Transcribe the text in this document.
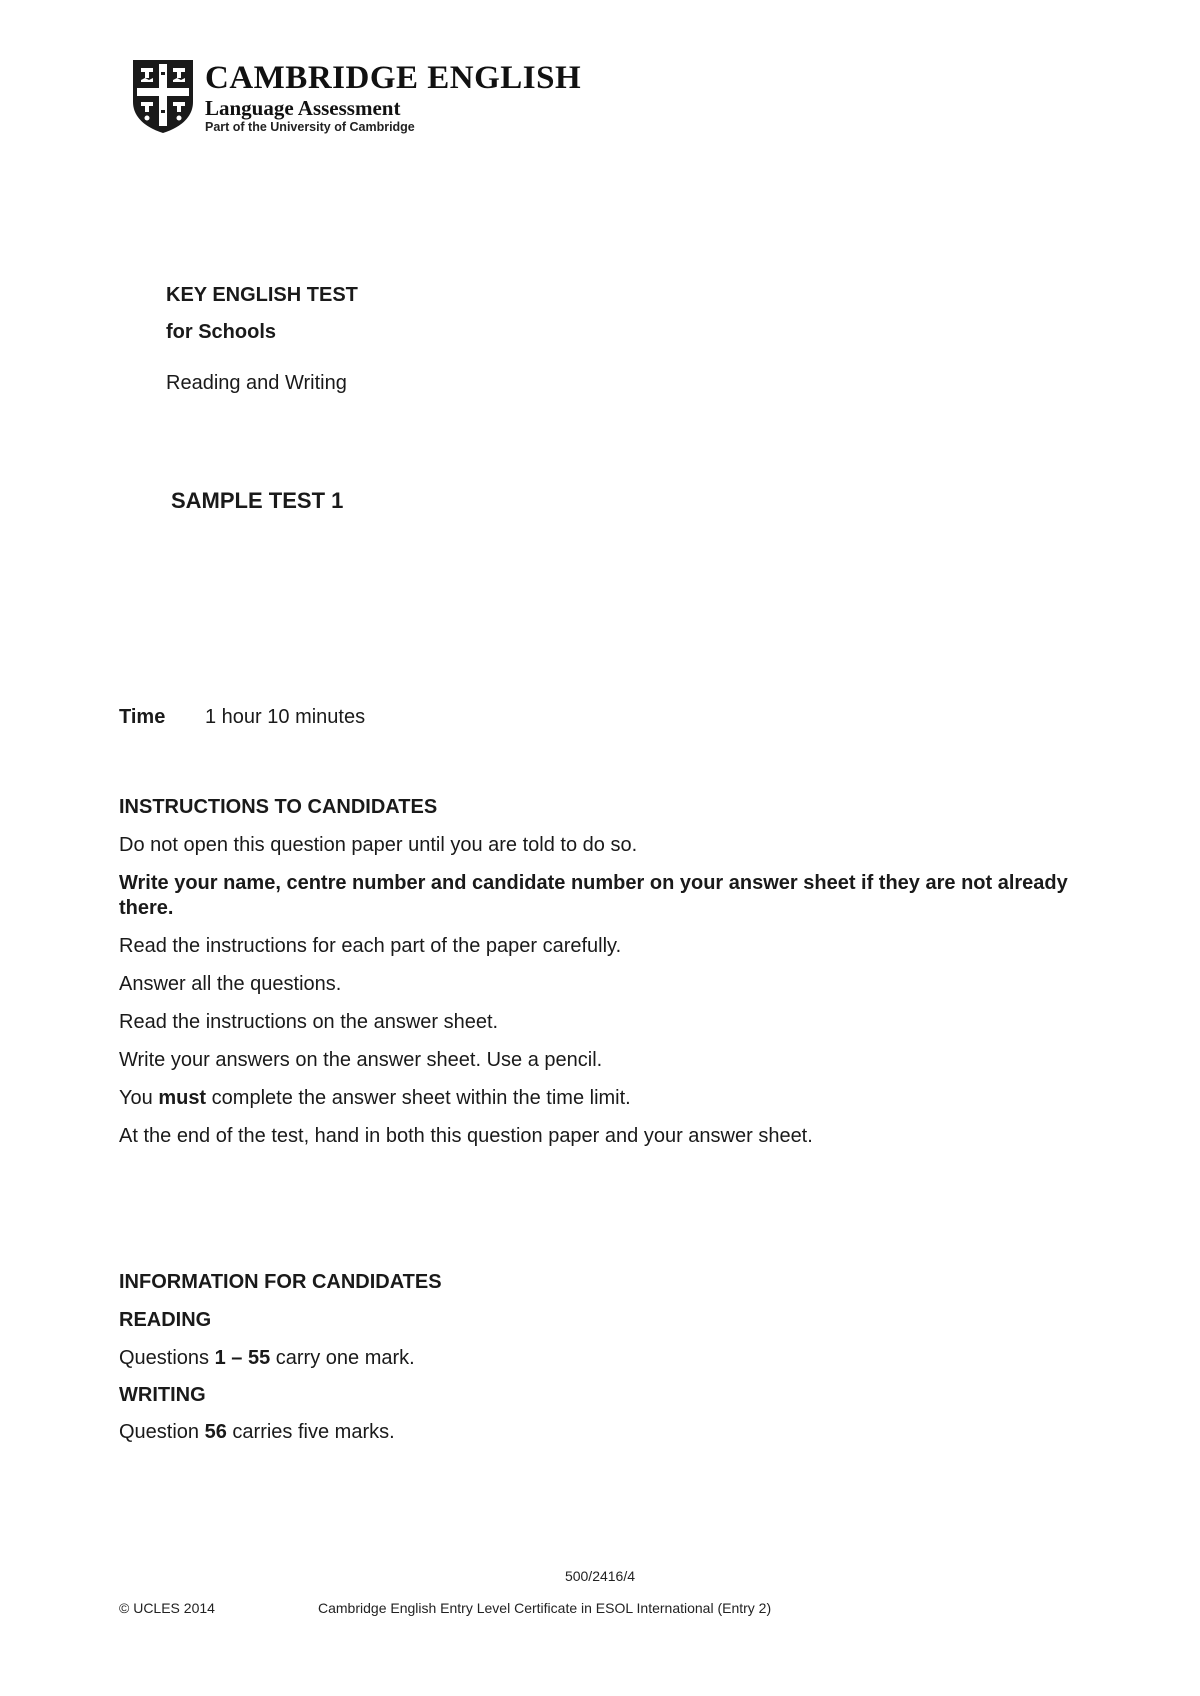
CAMBRIDGE ENGLISH
Language Assessment
Part of the University of Cambridge
KEY ENGLISH TEST
for Schools
Reading and Writing
SAMPLE TEST 1
Time 1 hour 10 minutes
INSTRUCTIONS TO CANDIDATES
Do not open this question paper until you are told to do so.
Write your name, centre number and candidate number on your answer sheet if they are not already there.
Read the instructions for each part of the paper carefully.
Answer all the questions.
Read the instructions on the answer sheet.
Write your answers on the answer sheet. Use a pencil.
You must complete the answer sheet within the time limit.
At the end of the test, hand in both this question paper and your answer sheet.
INFORMATION FOR CANDIDATES
READING
Questions 1 – 55 carry one mark.
WRITING
Question 56 carries five marks.
500/2416/4
© UCLES 2014	Cambridge English Entry Level Certificate in ESOL International (Entry 2)
